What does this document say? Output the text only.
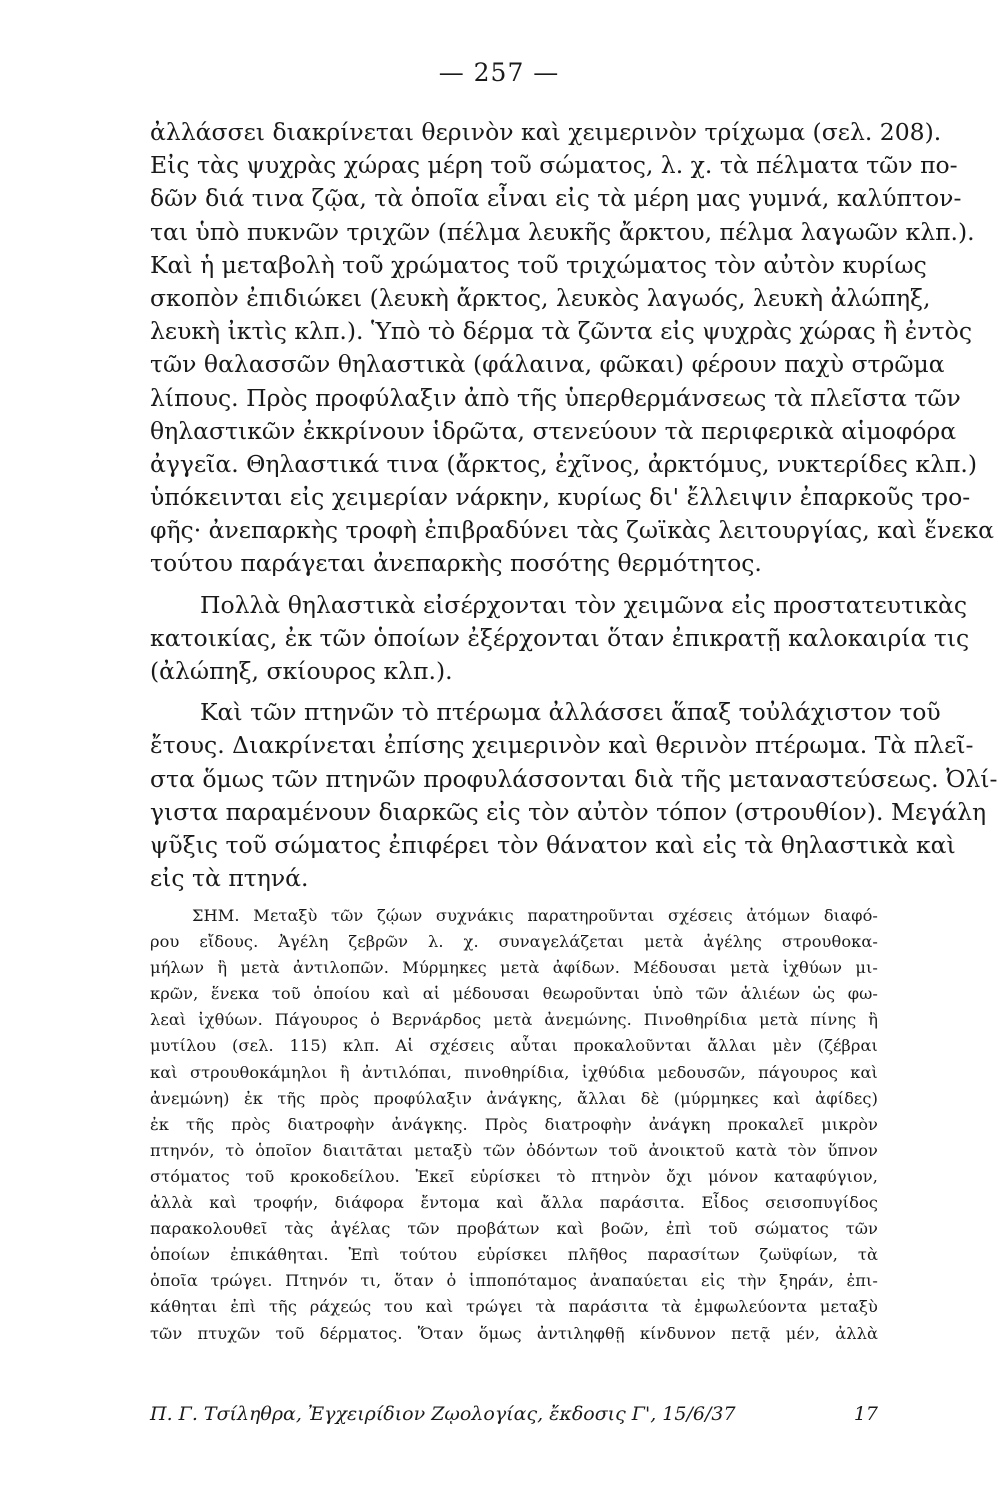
— 257 —
ἀλλάσσει διακρίνεται θερινὸν καὶ χειμερινὸν τρίχωμα (σελ. 208).
Εἰς τὰς ψυχρὰς χώρας μέρη τοῦ σώματος, λ. χ. τὰ πέλματα τῶν πο-
δῶν διά τινα ζῷα, τὰ ὁποῖα εἶναι εἰς τὰ μέρη μας γυμνά, καλύπτον-
ται ὑπὸ πυκνῶν τριχῶν (πέλμα λευκῆς ἄρκτου, πέλμα λαγωῶν κλπ.).
Καὶ ἡ μεταβολὴ τοῦ χρώματος τοῦ τριχώματος τὸν αὐτὸν κυρίως
σκοπὸν ἐπιδιώκει (λευκὴ ἄρκτος, λευκὸς λαγωός, λευκὴ ἀλώπηξ,
λευκὴ ἰκτὶς κλπ.). Ὑπὸ τὸ δέρμα τὰ ζῶντα εἰς ψυχρὰς χώρας ἢ ἐντὸς
τῶν θαλασσῶν θηλαστικὰ (φάλαινα, φῶκαι) φέρουν παχὺ στρῶμα
λίπους. Πρὸς προφύλαξιν ἀπὸ τῆς ὑπερθερμάνσεως τὰ πλεῖστα τῶν
θηλαστικῶν ἐκκρίνουν ἱδρῶτα, στενεύουν τὰ περιφερικὰ αἱμοφόρα
ἀγγεῖα. Θηλαστικά τινα (ἄρκτος, ἐχῖνος, ἀρκτόμυς, νυκτερίδες κλπ.)
ὑπόκεινται εἰς χειμερίαν νάρκην, κυρίως δι' ἔλλειψιν ἐπαρκοῦς τρο-
φῆς· ἀνεπαρκὴς τροφὴ ἐπιβραδύνει τὰς ζωϊκὰς λειτουργίας, καὶ ἕνεκα
τούτου παράγεται ἀνεπαρκὴς ποσότης θερμότητος.
Πολλὰ θηλαστικὰ εἰσέρχονται τὸν χειμῶνα εἰς προστατευτικὰς
κατοικίας, ἐκ τῶν ὁποίων ἐξέρχονται ὅταν ἐπικρατῇ καλοκαιρία τις
(ἀλώπηξ, σκίουρος κλπ.).
Καὶ τῶν πτηνῶν τὸ πτέρωμα ἀλλάσσει ἅπαξ τοὐλάχιστον τοῦ
ἔτους. Διακρίνεται ἐπίσης χειμερινὸν καὶ θερινὸν πτέρωμα. Τὰ πλεῖ-
στα ὅμως τῶν πτηνῶν προφυλάσσονται διὰ τῆς μεταναστεύσεως. Ὀλί-
γιστα παραμένουν διαρκῶς εἰς τὸν αὐτὸν τόπον (στρουθίον). Μεγάλη
ψῦξις τοῦ σώματος ἐπιφέρει τὸν θάνατον καὶ εἰς τὰ θηλαστικὰ καὶ
εἰς τὰ πτηνά.
ΣΗΜ. Μεταξὺ τῶν ζῴων συχνάκις παρατηροῦνται σχέσεις ἀτόμων διαφό-
ρου εἴδους. Ἀγέλη ζεβρῶν λ. χ. συναγελάζεται μετὰ ἀγέλης στρουθοκα-
μήλων ἢ μετὰ ἀντιλοπῶν. Μύρμηκες μετὰ ἀφίδων. Μέδουσαι μετὰ ἰχθύων μι-
κρῶν, ἕνεκα τοῦ ὁποίου καὶ αἱ μέδουσαι θεωροῦνται ὑπὸ τῶν ἁλιέων ὡς φω-
λεαὶ ἰχθύων. Πάγουρος ὁ Βερνάρδος μετὰ ἀνεμώνης. Πινοθηρίδια μετὰ πίνης ἢ
μυτίλου (σελ. 115) κλπ. Αἱ σχέσεις αὗται προκαλοῦνται ἄλλαι μὲν (ζέβραι
καὶ στρουθοκάμηλοι ἢ ἀντιλόπαι, πινοθηρίδια, ἰχθύδια μεδουσῶν, πάγουρος καὶ
ἀνεμώνη) ἐκ τῆς πρὸς προφύλαξιν ἀνάγκης, ἄλλαι δὲ (μύρμηκες καὶ ἀφίδες)
ἐκ τῆς πρὸς διατροφὴν ἀνάγκης. Πρὸς διατροφὴν ἀνάγκη προκαλεῖ μικρὸν
πτηνόν, τὸ ὁποῖον διαιτᾶται μεταξὺ τῶν ὀδόντων τοῦ ἀνοικτοῦ κατὰ τὸν ὕπνον
στόματος τοῦ κροκοδείλου. Ἐκεῖ εὑρίσκει τὸ πτηνὸν ὄχι μόνον καταφύγιον,
ἀλλὰ καὶ τροφήν, διάφορα ἔντομα καὶ ἄλλα παράσιτα. Εἶδος σεισοπυγίδος
παρακολουθεῖ τὰς ἀγέλας τῶν προβάτων καὶ βοῶν, ἐπὶ τοῦ σώματος τῶν
ὁποίων ἐπικάθηται. Ἐπὶ τούτου εὑρίσκει πλῆθος παρασίτων ζωϋφίων, τὰ
ὁποῖα τρώγει. Πτηνόν τι, ὅταν ὁ ἱπποπόταμος ἀναπαύεται εἰς τὴν ξηράν, ἐπι-
κάθηται ἐπὶ τῆς ράχεώς του καὶ τρώγει τὰ παράσιτα τὰ ἐμφωλεύοντα μεταξὺ
τῶν πτυχῶν τοῦ δέρματος. Ὅταν ὅμως ἀντιληφθῇ κίνδυνον πετᾷ μέν, ἀλλὰ
Π. Γ. Τσίληθρα, Ἐγχειρίδιον Ζῳολογίας, ἔκδοσις Γ', 15/6/37	17
